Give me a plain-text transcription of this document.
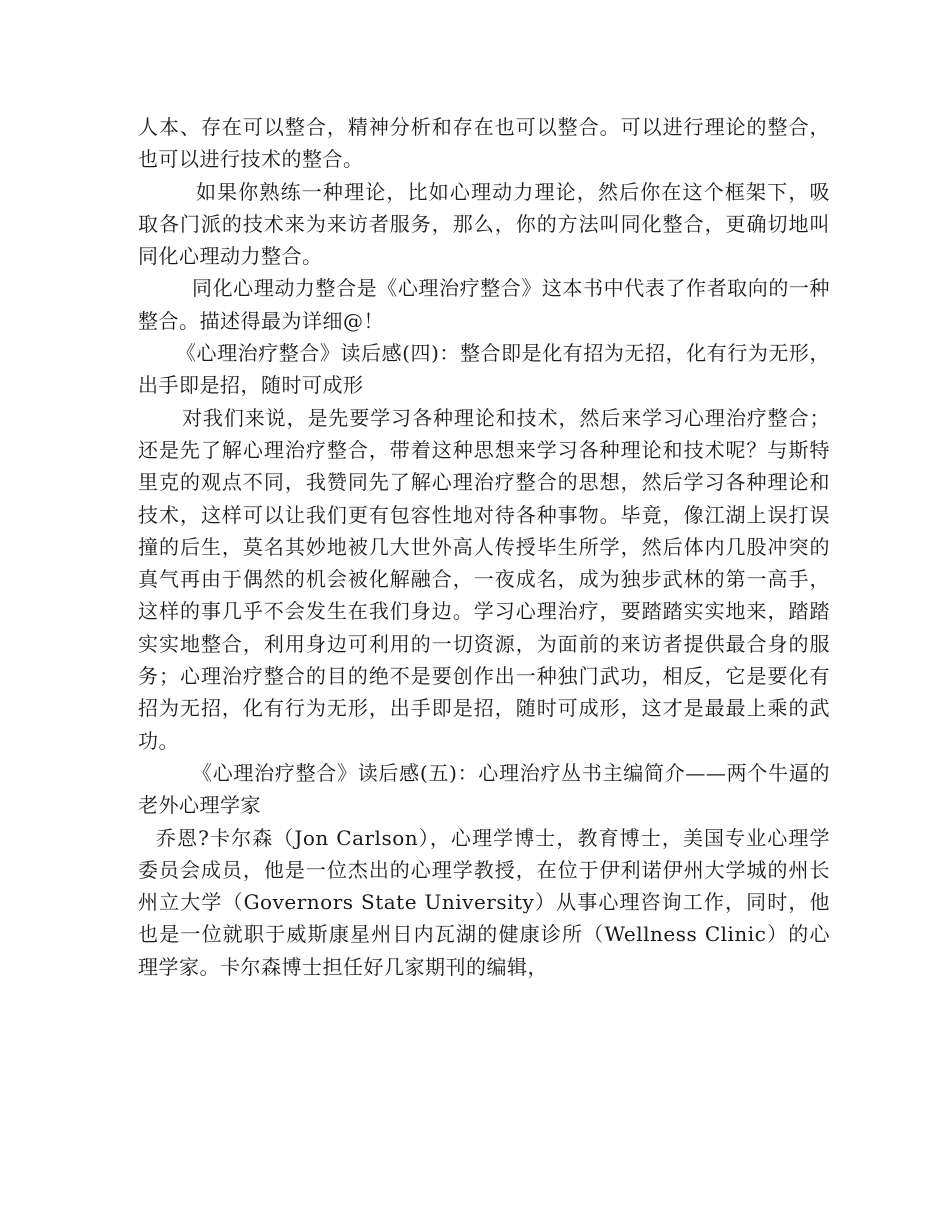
人本、存在可以整合，精神分析和存在也可以整合。可以进行理论的整合，也可以进行技术的整合。

如果你熟练一种理论，比如心理动力理论，然后你在这个框架下，吸取各门派的技术来为来访者服务，那么，你的方法叫同化整合，更确切地叫同化心理动力整合。

同化心理动力整合是《心理治疗整合》这本书中代表了作者取向的一种整合。描述得最为详细@！

《心理治疗整合》读后感(四)：整合即是化有招为无招，化有行为无形，出手即是招，随时可成形

对我们来说，是先要学习各种理论和技术，然后来学习心理治疗整合；还是先了解心理治疗整合，带着这种思想来学习各种理论和技术呢？与斯特里克的观点不同，我赞同先了解心理治疗整合的思想，然后学习各种理论和技术，这样可以让我们更有包容性地对待各种事物。毕竟，像江湖上误打误撞的后生，莫名其妙地被几大世外高人传授毕生所学，然后体内几股冲突的真气再由于偶然的机会被化解融合，一夜成名，成为独步武林的第一高手，这样的事几乎不会发生在我们身边。学习心理治疗，要踏踏实实地来，踏踏实实地整合，利用身边可利用的一切资源，为面前的来访者提供最合身的服务；心理治疗整合的目的绝不是要创作出一种独门武功，相反，它是要化有招为无招，化有行为无形，出手即是招，随时可成形，这才是最最上乘的武功。

《心理治疗整合》读后感(五)：心理治疗丛书主编简介——两个牛逼的老外心理学家

乔恩?卡尔森（Jon Carlson），心理学博士，教育博士，美国专业心理学委员会成员，他是一位杰出的心理学教授，在位于伊利诺伊州大学城的州长州立大学（Governors State University）从事心理咨询工作，同时，他也是一位就职于威斯康星州日内瓦湖的健康诊所（Wellness Clinic）的心理学家。卡尔森博士担任好几家期刊的编辑，
